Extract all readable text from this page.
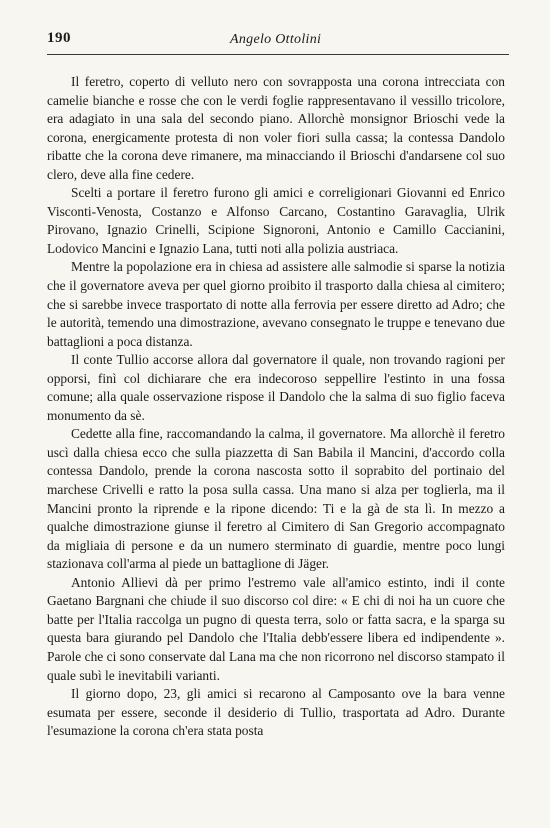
190	Angelo Ottolini

Il feretro, coperto di velluto nero con sovrapposta una corona intrecciata con camelie bianche e rosse che con le verdi foglie rappresentavano il vessillo tricolore, era adagiato in una sala del secondo piano. Allorchè monsignor Brioschi vede la corona, energicamente protesta di non voler fiori sulla cassa; la contessa Dandolo ribatte che la corona deve rimanere, ma minacciando il Brioschi d'andarsene col suo clero, deve alla fine cedere.

Scelti a portare il feretro furono gli amici e correligionari Giovanni ed Enrico Visconti-Venosta, Costanzo e Alfonso Carcano, Costantino Garavaglia, Ulrik Pirovano, Ignazio Crinelli, Scipione Signoroni, Antonio e Camillo Caccianini, Lodovico Mancini e Ignazio Lana, tutti noti alla polizia austriaca.

Mentre la popolazione era in chiesa ad assistere alle salmodie si sparse la notizia che il governatore aveva per quel giorno proibito il trasporto dalla chiesa al cimitero; che si sarebbe invece trasportato di notte alla ferrovia per essere diretto ad Adro; che le autorità, temendo una dimostrazione, avevano consegnato le truppe e tenevano due battaglioni a poca distanza.

Il conte Tullio accorse allora dal governatore il quale, non trovando ragioni per opporsi, finì col dichiarare che era indecoroso seppellire l'estinto in una fossa comune; alla quale osservazione rispose il Dandolo che la salma di suo figlio faceva monumento da sè.

Cedette alla fine, raccomandando la calma, il governatore. Ma allorchè il feretro uscì dalla chiesa ecco che sulla piazzetta di San Babila il Mancini, d'accordo colla contessa Dandolo, prende la corona nascosta sotto il soprabito del portinaio del marchese Crivelli e ratto la posa sulla cassa. Una mano si alza per toglierla, ma il Mancini pronto la riprende e la ripone dicendo: Ti e la gà de sta lì. In mezzo a qualche dimostrazione giunse il feretro al Cimitero di San Gregorio accompagnato da migliaia di persone e da un numero sterminato di guardie, mentre poco lungi stazionava coll'arma al piede un battaglione di Jäger.

Antonio Allievi dà per primo l'estremo vale all'amico estinto, indi il conte Gaetano Bargnani che chiude il suo discorso col dire: « E chi di noi ha un cuore che batte per l'Italia raccolga un pugno di questa terra, solo or fatta sacra, e la sparga su questa bara giurando pel Dandolo che l'Italia debb'essere libera ed indipendente ». Parole che ci sono conservate dal Lana ma che non ricorrono nel discorso stampato il quale subì le inevitabili varianti.

Il giorno dopo, 23, gli amici si recarono al Camposanto ove la bara venne esumata per essere, seconde il desiderio di Tullio, trasportata ad Adro. Durante l'esumazione la corona ch'era stata posta
